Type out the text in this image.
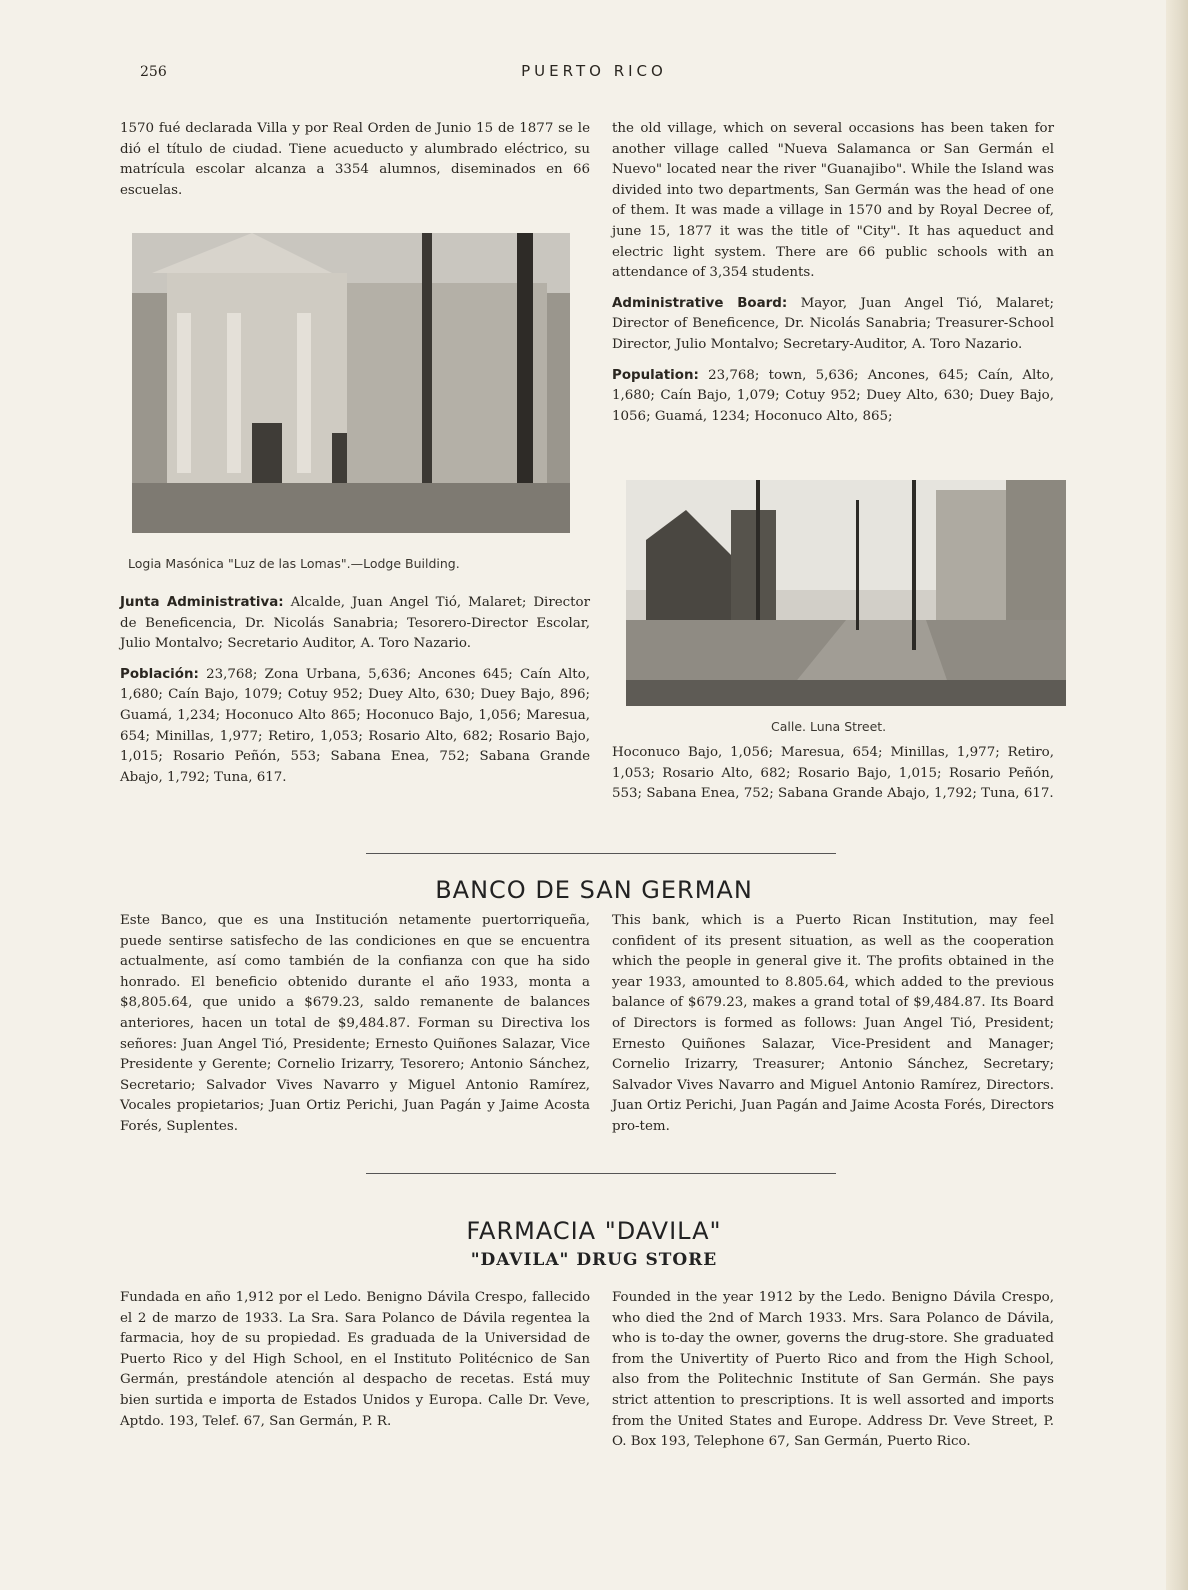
256	PUERTO RICO

1570 fué declarada Villa y por Real Orden de Junio 15 de 1877 se le dió el título de ciudad. Tiene acueducto y alumbrado eléctrico, su matrícula escolar alcanza a 3354 alumnos, diseminados en 66 escuelas.

Logia Masónica "Luz de las Lomas".—Lodge Building.

Junta Administrativa: Alcalde, Juan Angel Tió, Malaret; Director de Beneficencia, Dr. Nicolás Sanabria; Tesorero-Director Escolar, Julio Montalvo; Secretario Auditor, A. Toro Nazario.

Población: 23,768; Zona Urbana, 5,636; Ancones 645; Caín Alto, 1,680; Caín Bajo, 1079; Cotuy 952; Duey Alto, 630; Duey Bajo, 896; Guamá, 1,234; Hoconuco Alto 865; Hoconuco Bajo, 1,056; Maresua, 654; Minillas, 1,977; Retiro, 1,053; Rosario Alto, 682; Rosario Bajo, 1,015; Rosario Peñón, 553; Sabana Enea, 752; Sabana Grande Abajo, 1,792; Tuna, 617.

the old village, which on several occasions has been taken for another village called "Nueva Salamanca or San Germán el Nuevo" located near the river "Guanajibo". While the Island was divided into two departments, San Germán was the head of one of them. It was made a village in 1570 and by Royal Decree of, june 15, 1877 it was the title of "City". It has aqueduct and electric light system. There are 66 public schools with an attendance of 3,354 students.

Administrative Board: Mayor, Juan Angel Tió, Malaret; Director of Beneficence, Dr. Nicolás Sanabria; Treasurer-School Director, Julio Montalvo; Secretary-Auditor, A. Toro Nazario.

Population: 23,768; town, 5,636; Ancones, 645; Caín, Alto, 1,680; Caín Bajo, 1,079; Cotuy 952; Duey Alto, 630; Duey Bajo, 1056; Guamá, 1234; Hoconuco Alto, 865;

Calle. Luna Street.

Hoconuco Bajo, 1,056; Maresua, 654; Minillas, 1,977; Retiro, 1,053; Rosario Alto, 682; Rosario Bajo, 1,015; Rosario Peñón, 553; Sabana Enea, 752; Sabana Grande Abajo, 1,792; Tuna, 617.

BANCO DE SAN GERMAN

Este Banco, que es una Institución netamente puertorriqueña, puede sentirse satisfecho de las condiciones en que se encuentra actualmente, así como también de la confianza con que ha sido honrado. El beneficio obtenido durante el año 1933, monta a $8,805.64, que unido a $679.23, saldo remanente de balances anteriores, hacen un total de $9,484.87. Forman su Directiva los señores: Juan Angel Tió, Presidente; Ernesto Quiñones Salazar, Vice Presidente y Gerente; Cornelio Irizarry, Tesorero; Antonio Sánchez, Secretario; Salvador Vives Navarro y Miguel Antonio Ramírez, Vocales propietarios; Juan Ortiz Perichi, Juan Pagán y Jaime Acosta Forés, Suplentes.

This bank, which is a Puerto Rican Institution, may feel confident of its present situation, as well as the cooperation which the people in general give it. The profits obtained in the year 1933, amounted to 8.805.64, which added to the previous balance of $679.23, makes a grand total of $9,484.87. Its Board of Directors is formed as follows: Juan Angel Tió, President; Ernesto Quiñones Salazar, Vice-President and Manager; Cornelio Irizarry, Treasurer; Antonio Sánchez, Secretary; Salvador Vives Navarro and Miguel Antonio Ramírez, Directors. Juan Ortiz Perichi, Juan Pagán and Jaime Acosta Forés, Directors pro-tem.

FARMACIA "DAVILA"
"DAVILA" DRUG STORE

Fundada en año 1,912 por el Ledo. Benigno Dávila Crespo, fallecido el 2 de marzo de 1933. La Sra. Sara Polanco de Dávila regentea la farmacia, hoy de su propiedad. Es graduada de la Universidad de Puerto Rico y del High School, en el Instituto Politécnico de San Germán, prestándole atención al despacho de recetas. Está muy bien surtida e importa de Estados Unidos y Europa. Calle Dr. Veve, Aptdo. 193, Telef. 67, San Germán, P. R.

Founded in the year 1912 by the Ledo. Benigno Dávila Crespo, who died the 2nd of March 1933. Mrs. Sara Polanco de Dávila, who is to-day the owner, governs the drug-store. She graduated from the Univertity of Puerto Rico and from the High School, also from the Politechnic Institute of San Germán. She pays strict attention to prescriptions. It is well assorted and imports from the United States and Europe. Address Dr. Veve Street, P. O. Box 193, Telephone 67, San Germán, Puerto Rico.
